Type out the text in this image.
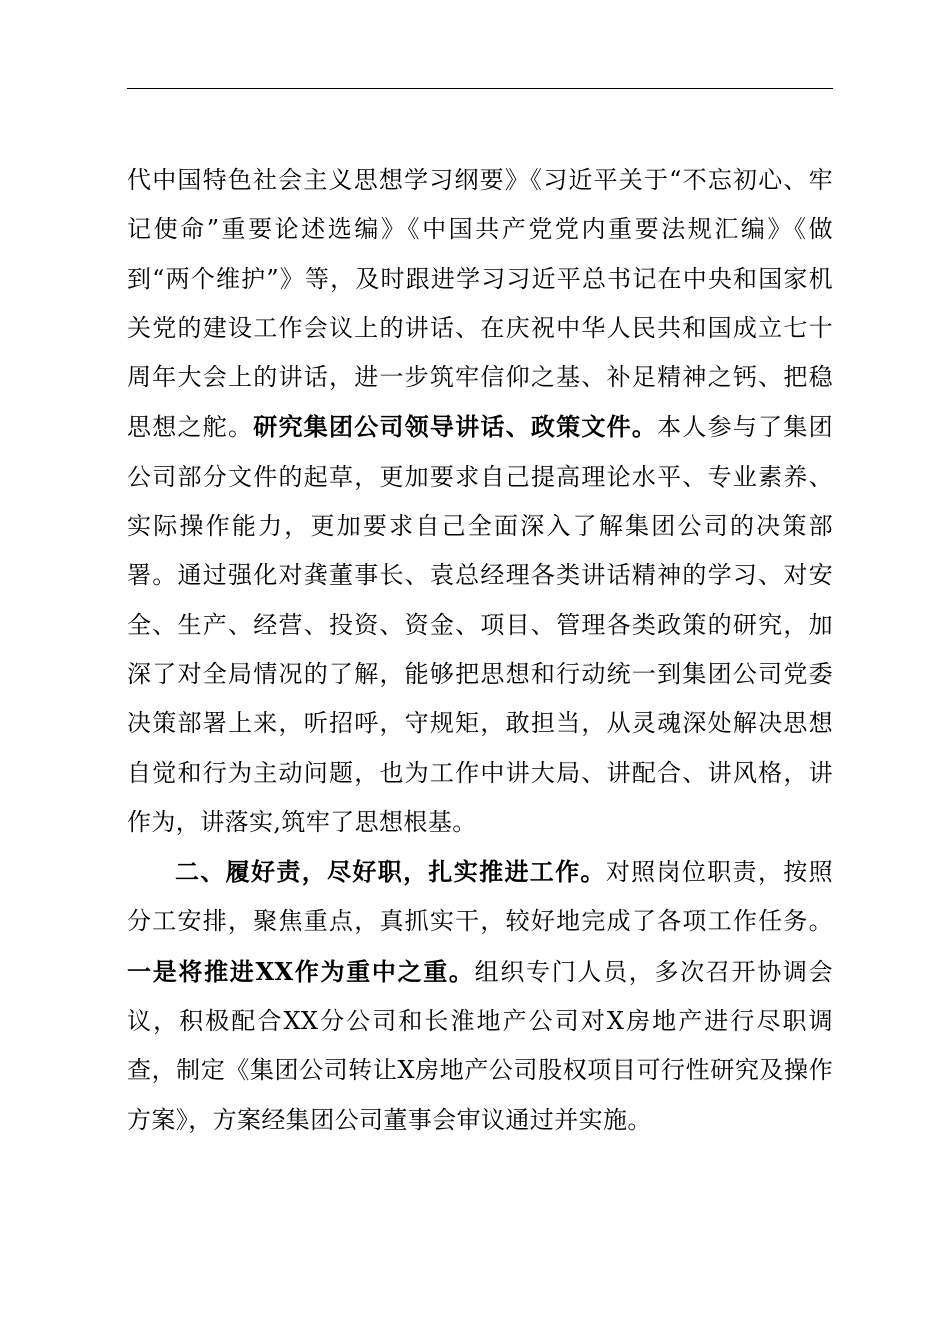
代中国特色社会主义思想学习纲要》《习近平关于“不忘初心、牢记使命”重要论述选编》《中国共产党党内重要法规汇编》《做到“两个维护”》等，及时跟进学习习近平总书记在中央和国家机关党的建设工作会议上的讲话、在庆祝中华人民共和国成立七十周年大会上的讲话，进一步筑牢信仰之基、补足精神之钙、把稳思想之舵。研究集团公司领导讲话、政策文件。本人参与了集团公司部分文件的起草，更加要求自己提高理论水平、专业素养、实际操作能力，更加要求自己全面深入了解集团公司的决策部署。通过强化对龚董事长、袁总经理各类讲话精神的学习、对安全、生产、经营、投资、资金、项目、管理各类政策的研究，加深了对全局情况的了解，能够把思想和行动统一到集团公司党委决策部署上来，听招呼，守规矩，敢担当，从灵魂深处解决思想自觉和行为主动问题，也为工作中讲大局、讲配合、讲风格，讲作为，讲落实,筑牢了思想根基。

二、履好责，尽好职，扎实推进工作。对照岗位职责，按照分工安排，聚焦重点，真抓实干，较好地完成了各项工作任务。一是将推进XX作为重中之重。组织专门人员，多次召开协调会议，积极配合XX分公司和长淮地产公司对X房地产进行尽职调查，制定《集团公司转让X房地产公司股权项目可行性研究及操作方案》，方案经集团公司董事会审议通过并实施。
